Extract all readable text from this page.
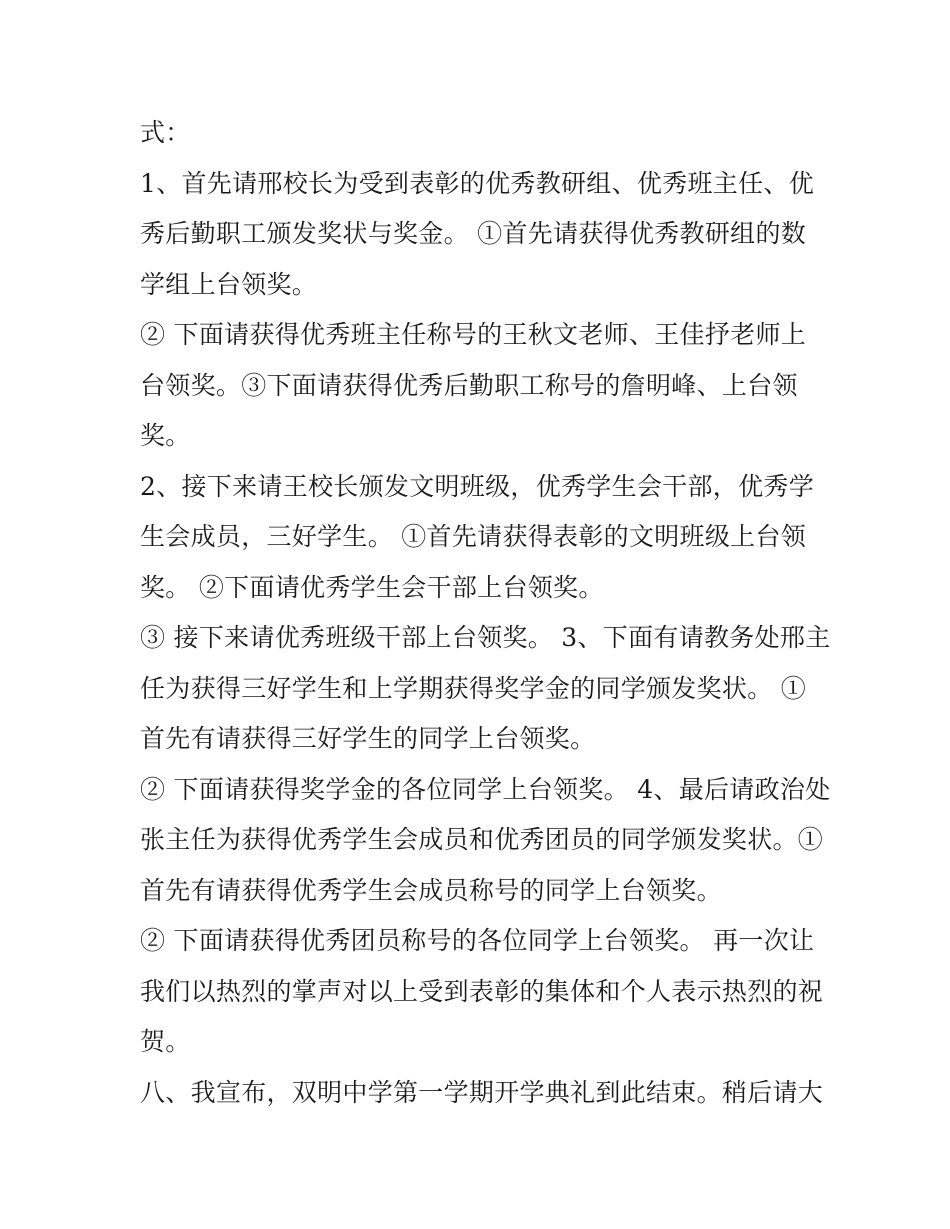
式：
1、首先请邢校长为受到表彰的优秀教研组、优秀班主任、优
秀后勤职工颁发奖状与奖金。 ①首先请获得优秀教研组的数
学组上台领奖。
② 下面请获得优秀班主任称号的王秋文老师、王佳抒老师上
台领奖。③下面请获得优秀后勤职工称号的詹明峰、上台领
奖。
2、接下来请王校长颁发文明班级，优秀学生会干部，优秀学
生会成员，三好学生。 ①首先请获得表彰的文明班级上台领
奖。 ②下面请优秀学生会干部上台领奖。
③ 接下来请优秀班级干部上台领奖。 3、下面有请教务处邢主
任为获得三好学生和上学期获得奖学金的同学颁发奖状。 ①
首先有请获得三好学生的同学上台领奖。
② 下面请获得奖学金的各位同学上台领奖。 4、最后请政治处
张主任为获得优秀学生会成员和优秀团员的同学颁发奖状。①
首先有请获得优秀学生会成员称号的同学上台领奖。
② 下面请获得优秀团员称号的各位同学上台领奖。 再一次让
我们以热烈的掌声对以上受到表彰的集体和个人表示热烈的祝
贺。
八、我宣布，双明中学第一学期开学典礼到此结束。稍后请大
